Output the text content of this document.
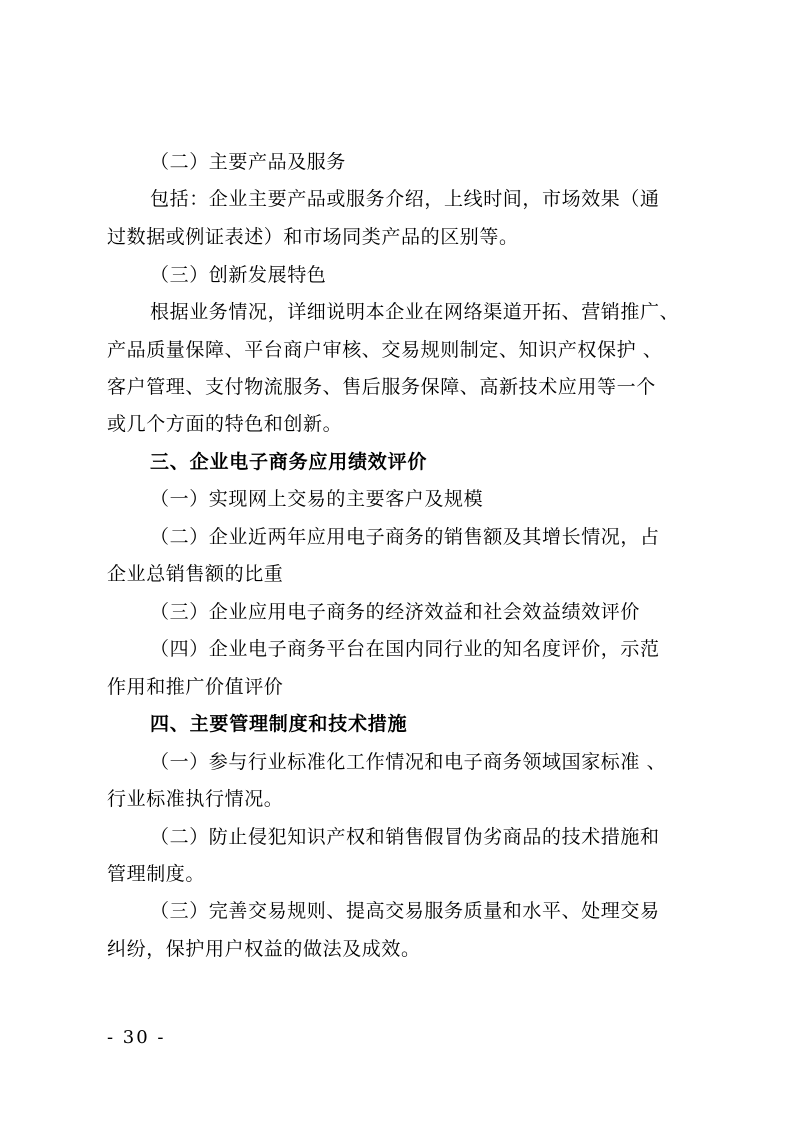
（二）主要产品及服务
包括：企业主要产品或服务介绍，上线时间，市场效果（通
过数据或例证表述）和市场同类产品的区别等。
（三）创新发展特色
根据业务情况，详细说明本企业在网络渠道开拓、营销推广、
产品质量保障、平台商户审核、交易规则制定、知识产权保护 、
客户管理、支付物流服务、售后服务保障、高新技术应用等一个
或几个方面的特色和创新。
三、企业电子商务应用绩效评价
（一）实现网上交易的主要客户及规模
（二）企业近两年应用电子商务的销售额及其增长情况，占
企业总销售额的比重
（三）企业应用电子商务的经济效益和社会效益绩效评价
（四）企业电子商务平台在国内同行业的知名度评价，示范
作用和推广价值评价
四、主要管理制度和技术措施
（一）参与行业标准化工作情况和电子商务领域国家标准 、
行业标准执行情况。
（二）防止侵犯知识产权和销售假冒伪劣商品的技术措施和
管理制度。
（三）完善交易规则、提高交易服务质量和水平、处理交易
纠纷，保护用户权益的做法及成效。
- 30 -
